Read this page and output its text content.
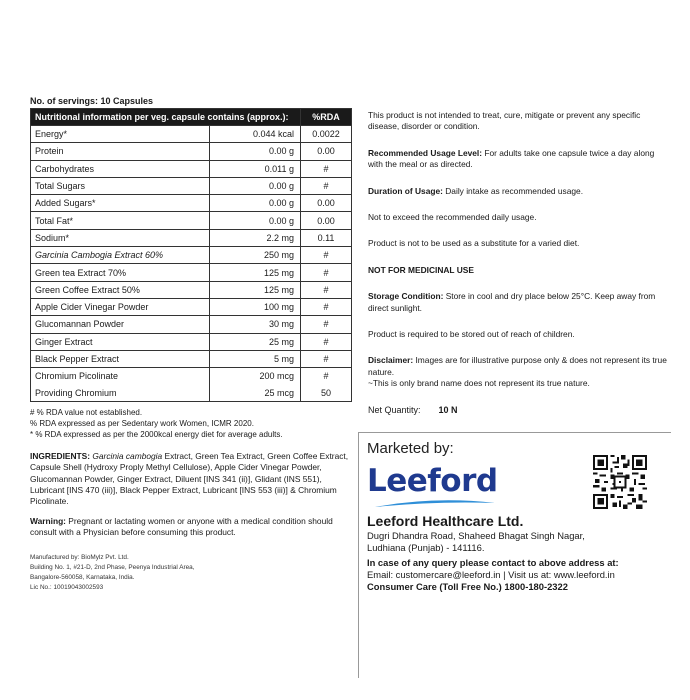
No. of servings: 10 Capsules
Nutritional information per veg. capsule contains (approx.):		%RDA
Energy*	0.044 kcal	0.0022
Protein	0.00 g	0.00
Carbohydrates	0.011 g	#
Total Sugars	0.00 g	#
Added Sugars*	0.00 g	0.00
Total Fat*	0.00 g	0.00
Sodium*	2.2 mg	0.11
Garcinia Cambogia Extract 60%	250 mg	#
Green tea Extract 70%	125 mg	#
Green Coffee Extract 50%	125 mg	#
Apple Cider Vinegar Powder	100 mg	#
Glucomannan Powder	30 mg	#
Ginger Extract	25 mg	#
Black Pepper Extract	5 mg	#
Chromium Picolinate	200 mcg	#
Providing Chromium	25 mcg	50
# % RDA value not established.
% RDA expressed as per Sedentary work Women, ICMR 2020.
* % RDA expressed as per the 2000kcal energy diet for average adults.
INGREDIENTS: Garcinia cambogia Extract, Green Tea Extract, Green Coffee Extract, Capsule Shell (Hydroxy Proply Methyl Cellulose), Apple Cider Vinegar Powder, Glucomannan Powder, Ginger Extract, Diluent [INS 341 (ii)], Glidant (INS 551), Lubricant [INS 470 (iii)], Black Pepper Extract, Lubricant [INS 553 (iii)] & Chromium Picolinate.
Warning: Pregnant or lactating women or anyone with a medical condition should consult with a Physician before consuming this product.
Manufactured by: BioMylz Pvt. Ltd.
Building No. 1, #21-D, 2nd Phase, Peenya Industrial Area,
Bangalore-560058, Karnataka, India.
Lic No.: 10019043002593

This product is not intended to treat, cure, mitigate or prevent any specific disease, disorder or condition.

Recommended Usage Level: For adults take one capsule twice a day along with the meal or as directed.

Duration of Usage: Daily intake as recommended usage.

Not to exceed the recommended daily usage.

Product is not to be used as a substitute for a varied diet.

NOT FOR MEDICINAL USE

Storage Condition: Store in cool and dry place below 25°C. Keep away from direct sunlight.

Product is required to be stored out of reach of children.

Disclaimer: Images are for illustrative purpose only & does not represent its true nature.

~This is only brand name does not represent its true nature.

Net Quantity: 10 N
Marketed by:
Leeford
Leeford Healthcare Ltd.
Dugri Dhandra Road, Shaheed Bhagat Singh Nagar,
Ludhiana (Punjab) - 141116.
In case of any query please contact to above address at:
Email: customercare@leeford.in | Visit us at: www.leeford.in
Consumer Care (Toll Free No.) 1800-180-2322
